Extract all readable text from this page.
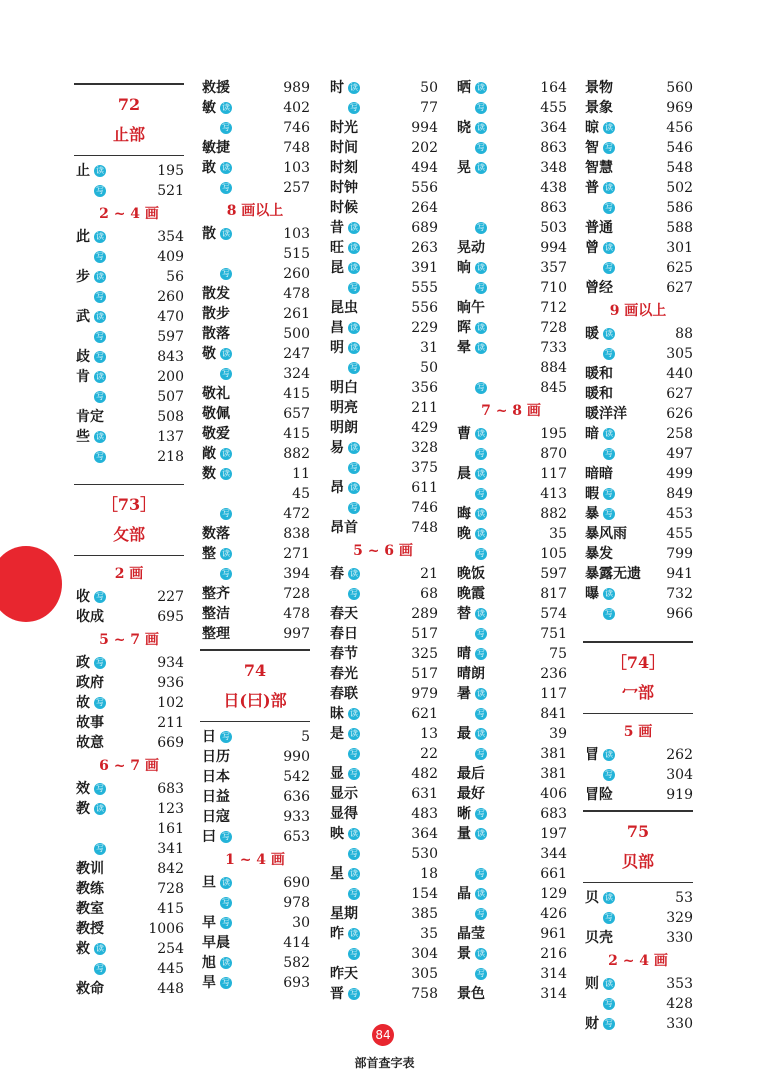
72
止部
止 读	195
写	521
2 ~ 4 画
此 读	354
写	409
步 读	56
写	260
武 读	470
写	597
歧 写	843
肯 读	200
写	507
肯定	508
些 读	137
写	218
［73］
攵部
2 画
收 写	227
收成	695
5 ~ 7 画
政 写	934
政府	936
故 写	102
故事	211
故意	669
6 ~ 7 画
效 写	683
教 读	123
161
写	341
教训	842
教练	728
教室	415
教授	1006
救 读	254
写	445
救命	448
救援	989
敏 读	402
写	746
敏捷	748
敢 读	103
写	257
8 画以上
散 读	103
515
写	260
散发	478
散步	261
散落	500
敬 读	247
写	324
敬礼	415
敬佩	657
敬爱	415
敞 读	882
数 读	11
45
写	472
数落	838
整 读	271
写	394
整齐	728
整洁	478
整理	997
74
日(曰)部
日 写	5
日历	990
日本	542
日益	636
日寇	933
曰 写	653
1 ~ 4 画
旦 读	690
写	978
早 写	30
早晨	414
旭 读	582
旱 写	693
时 读	50
写	77
时光	994
时间	202
时刻	494
时钟	556
时候	264
昔 读	689
旺 读	263
昆 读	391
写	555
昆虫	556
昌 读	229
明 读	31
写	50
明白	356
明亮	211
明朗	429
易 读	328
写	375
昂 读	611
写	746
昂首	748
5 ~ 6 画
春 读	21
写	68
春天	289
春日	517
春节	325
春光	517
春联	979
昧 读	621
是 读	13
写	22
显 写	482
显示	631
显得	483
映 读	364
写	530
星 读	18
写	154
星期	385
昨 读	35
写	304
昨天	305
晋 写	758
晒 读	164
写	455
晓 读	364
写	863
晃 读	348
438
863
写	503
晃动	994
晌 读	357
写	710
晌午	712
晖 读	728
晕 读	733
884
写	845
7 ~ 8 画
曹 读	195
写	870
晨 读	117
写	413
晦 读	882
晚 读	35
写	105
晚饭	597
晚霞	817
替 读	574
写	751
晴 写	75
晴朗	236
暑 读	117
写	841
最 读	39
写	381
最后	381
最好	406
晰 写	683
量 读	197
344
写	661
晶 读	129
写	426
晶莹	961
景 读	216
写	314
景色	314
景物	560
景象	969
晾 读	456
智 写	546
智慧	548
普 读	502
写	586
普通	588
曾 读	301
写	625
曾经	627
9 画以上
暖 读	88
写	305
暖和	440
暖和	627
暖洋洋	626
暗 读	258
写	497
暗暗	499
暇 写	849
暴 写	453
暴风雨	455
暴发	799
暴露无遗 941
曝 读	732
写	966
［74］
冖部
5 画
冒 读	262
写	304
冒险	919
75
贝部
贝 读	53
写	329
贝壳	330
2 ~ 4 画
则 读	353
写	428
财 写	330
84
部首查字表
